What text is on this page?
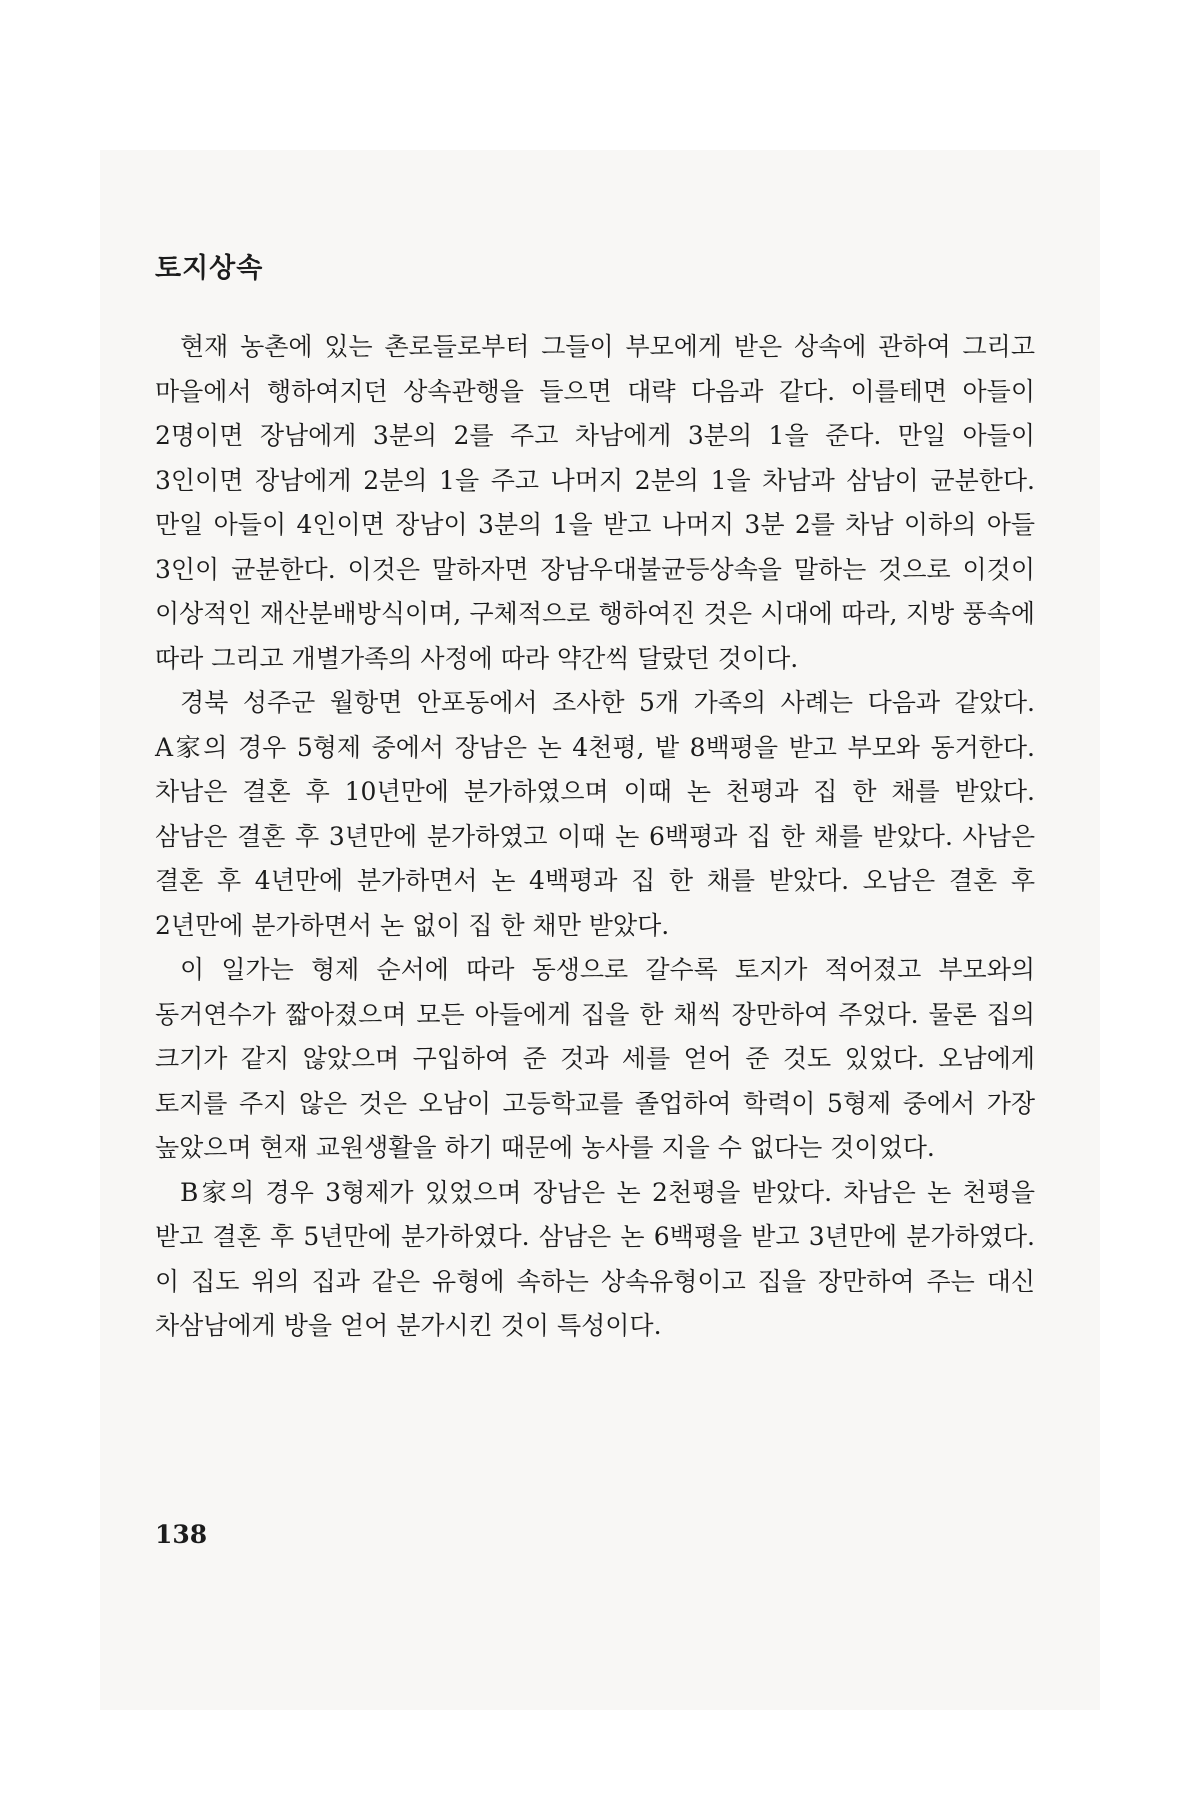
토지상속

현재 농촌에 있는 촌로들로부터 그들이 부모에게 받은 상속에 관하여 그리고 마을에서 행하여지던 상속관행을 들으면 대략 다음과 같다. 이를테면 아들이 2명이면 장남에게 3분의 2를 주고 차남에게 3분의 1을 준다. 만일 아들이 3인이면 장남에게 2분의 1을 주고 나머지 2분의 1을 차남과 삼남이 균분한다. 만일 아들이 4인이면 장남이 3분의 1을 받고 나머지 3분 2를 차남 이하의 아들 3인이 균분한다. 이것은 말하자면 장남우대불균등상속을 말하는 것으로 이것이 이상적인 재산분배방식이며, 구체적으로 행하여진 것은 시대에 따라, 지방 풍속에 따라 그리고 개별가족의 사정에 따라 약간씩 달랐던 것이다.

경북 성주군 월항면 안포동에서 조사한 5개 가족의 사례는 다음과 같았다. A家의 경우 5형제 중에서 장남은 논 4천평, 밭 8백평을 받고 부모와 동거한다. 차남은 결혼 후 10년만에 분가하였으며 이때 논 천평과 집 한 채를 받았다. 삼남은 결혼 후 3년만에 분가하였고 이때 논 6백평과 집 한 채를 받았다. 사남은 결혼 후 4년만에 분가하면서 논 4백평과 집 한 채를 받았다. 오남은 결혼 후 2년만에 분가하면서 논 없이 집 한 채만 받았다.

이 일가는 형제 순서에 따라 동생으로 갈수록 토지가 적어졌고 부모와의 동거연수가 짧아졌으며 모든 아들에게 집을 한 채씩 장만하여 주었다. 물론 집의 크기가 같지 않았으며 구입하여 준 것과 세를 얻어 준 것도 있었다. 오남에게 토지를 주지 않은 것은 오남이 고등학교를 졸업하여 학력이 5형제 중에서 가장 높았으며 현재 교원생활을 하기 때문에 농사를 지을 수 없다는 것이었다.

B家의 경우 3형제가 있었으며 장남은 논 2천평을 받았다. 차남은 논 천평을 받고 결혼 후 5년만에 분가하였다. 삼남은 논 6백평을 받고 3년만에 분가하였다. 이 집도 위의 집과 같은 유형에 속하는 상속유형이고 집을 장만하여 주는 대신 차삼남에게 방을 얻어 분가시킨 것이 특성이다.

138
